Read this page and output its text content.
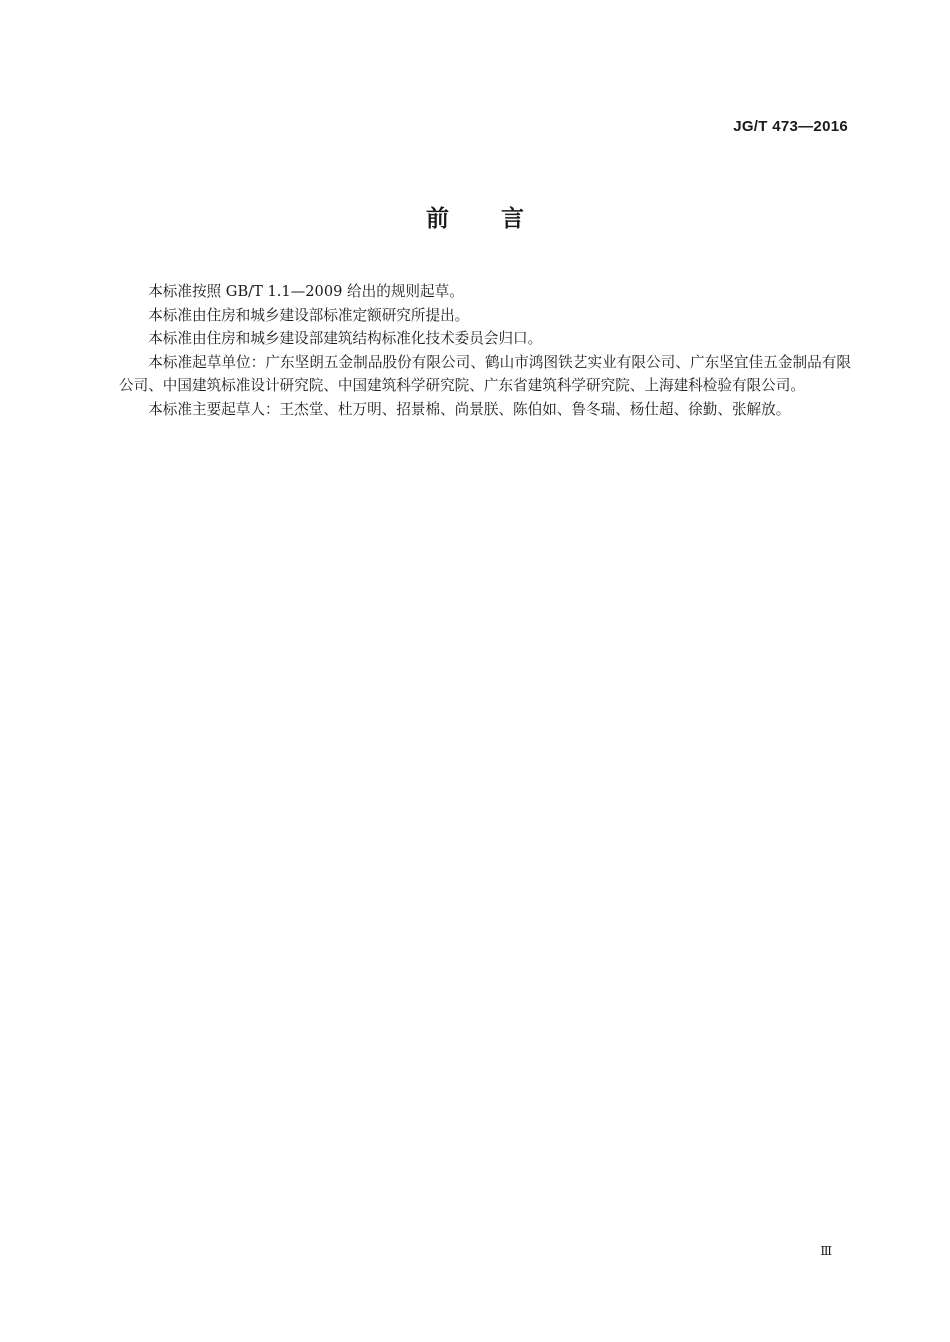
JG/T 473—2016
前言

本标准按照 GB/T 1.1—2009 给出的规则起草。

本标准由住房和城乡建设部标准定额研究所提出。

本标准由住房和城乡建设部建筑结构标准化技术委员会归口。

本标准起草单位：广东坚朗五金制品股份有限公司、鹤山市鸿图铁艺实业有限公司、广东坚宜佳五金制品有限公司、中国建筑标准设计研究院、中国建筑科学研究院、广东省建筑科学研究院、上海建科检验有限公司。

本标准主要起草人：王杰堂、杜万明、招景棉、尚景朕、陈伯如、鲁冬瑞、杨仕超、徐勤、张解放。

Ⅲ
